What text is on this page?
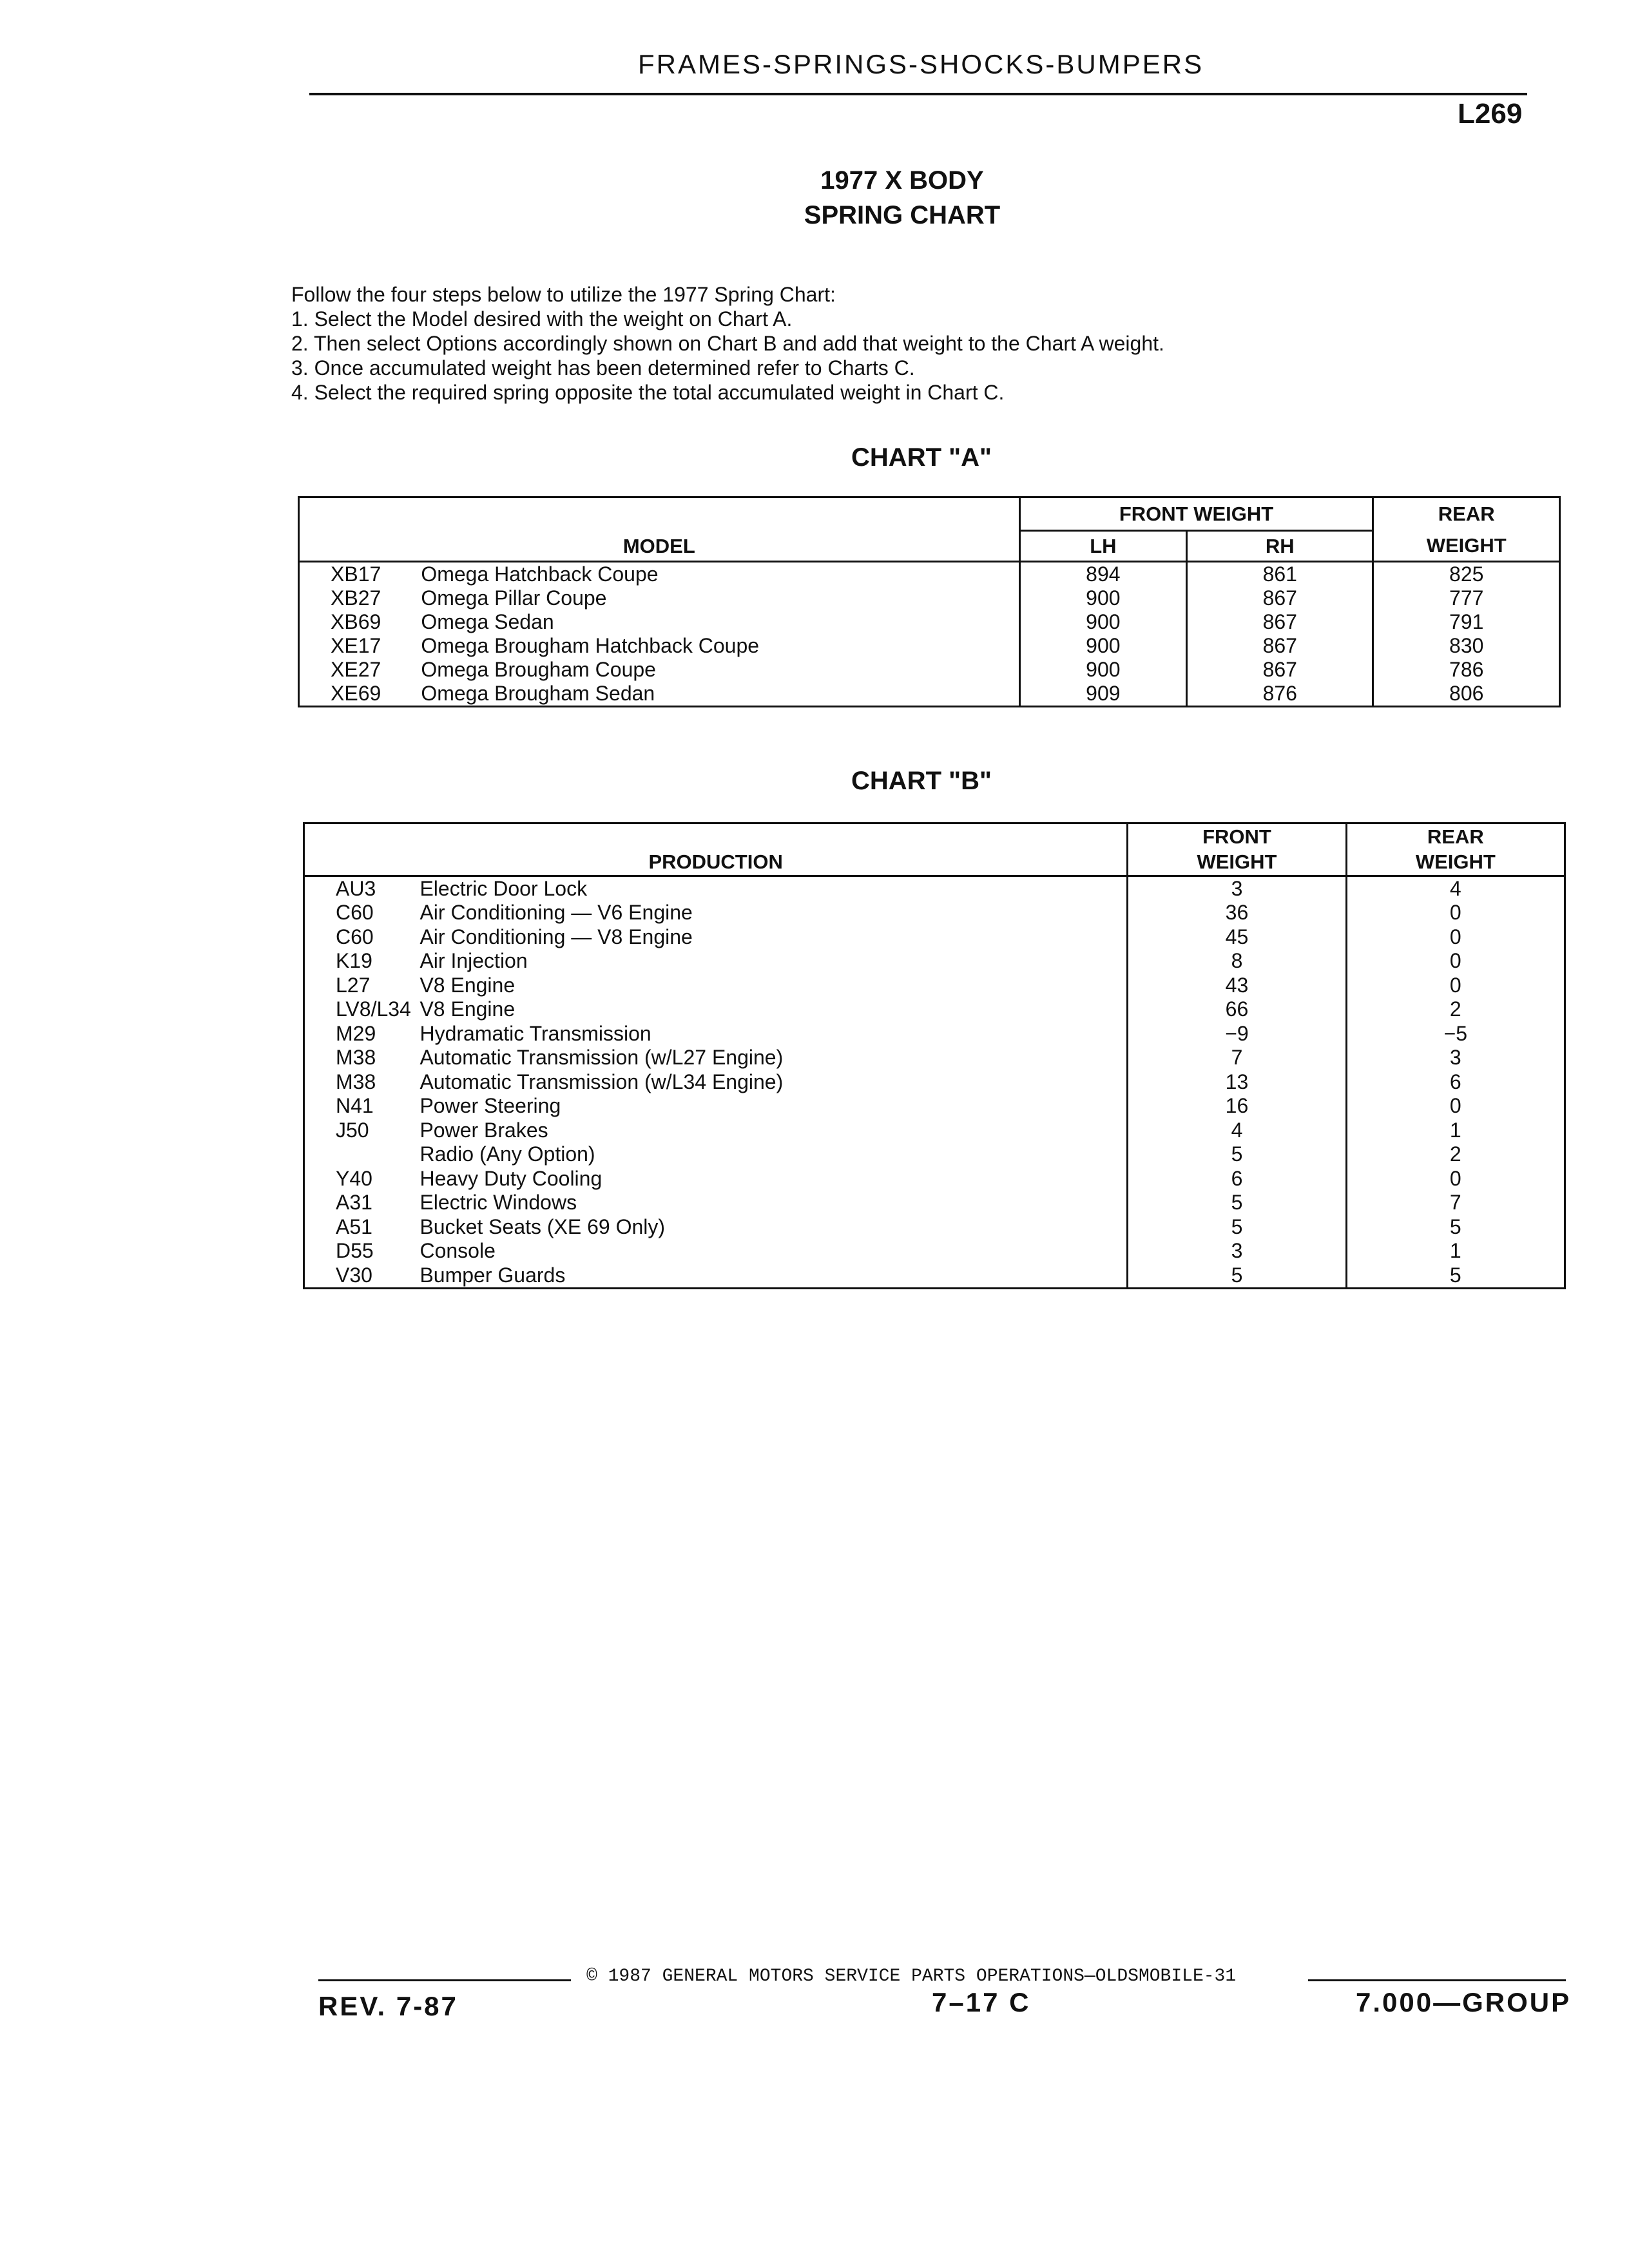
FRAMES-SPRINGS-SHOCKS-BUMPERS
L269
1977 X BODY
SPRING CHART
Follow the four steps below to utilize the 1977 Spring Chart:
1. Select the Model desired with the weight on Chart A.
2. Then select Options accordingly shown on Chart B and add that weight to the Chart A weight.
3. Once accumulated weight has been determined refer to Charts C.
4. Select the required spring opposite the total accumulated weight in Chart C.
CHART "A"
MODEL		FRONT WEIGHT		REAR
		LH	RH	WEIGHT
XB17	Omega Hatchback Coupe	894	861	825
XB27	Omega Pillar Coupe	900	867	777
XB69	Omega Sedan	900	867	791
XE17	Omega Brougham Hatchback Coupe	900	867	830
XE27	Omega Brougham Coupe	900	867	786
XE69	Omega Brougham Sedan	909	876	806
CHART "B"
PRODUCTION		FRONT	REAR
		WEIGHT	WEIGHT
AU3	Electric Door Lock	3	4
C60	Air Conditioning — V6 Engine	36	0
C60	Air Conditioning — V8 Engine	45	0
K19	Air Injection	8	0
L27	V8 Engine	43	0
LV8/L34	V8 Engine	66	2
M29	Hydramatic Transmission	−9	−5
M38	Automatic Transmission (w/L27 Engine)	7	3
M38	Automatic Transmission (w/L34 Engine)	13	6
N41	Power Steering	16	0
J50	Power Brakes	4	1
	Radio (Any Option)	5	2
Y40	Heavy Duty Cooling	6	0
A31	Electric Windows	5	7
A51	Bucket Seats (XE 69 Only)	5	5
D55	Console	3	1
V30	Bumper Guards	5	5
© 1987 GENERAL MOTORS SERVICE PARTS OPERATIONS—OLDSMOBILE-31
REV. 7-87	7–17 C	7.000—GROUP
